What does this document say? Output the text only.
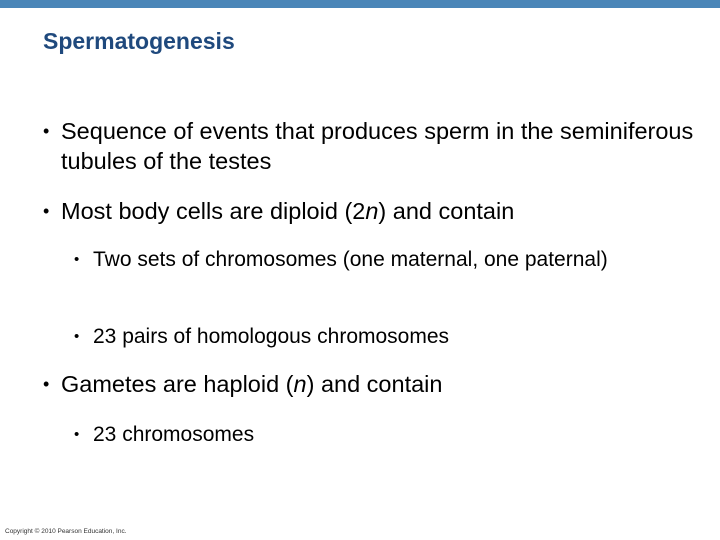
Spermatogenesis
• Sequence of events that produces sperm in the seminiferous tubules of the testes
• Most body cells are diploid (2n) and contain
• Two sets of chromosomes (one maternal, one paternal)
• 23 pairs of homologous chromosomes
• Gametes are haploid (n) and contain
• 23 chromosomes
Copyright © 2010 Pearson Education, Inc.
